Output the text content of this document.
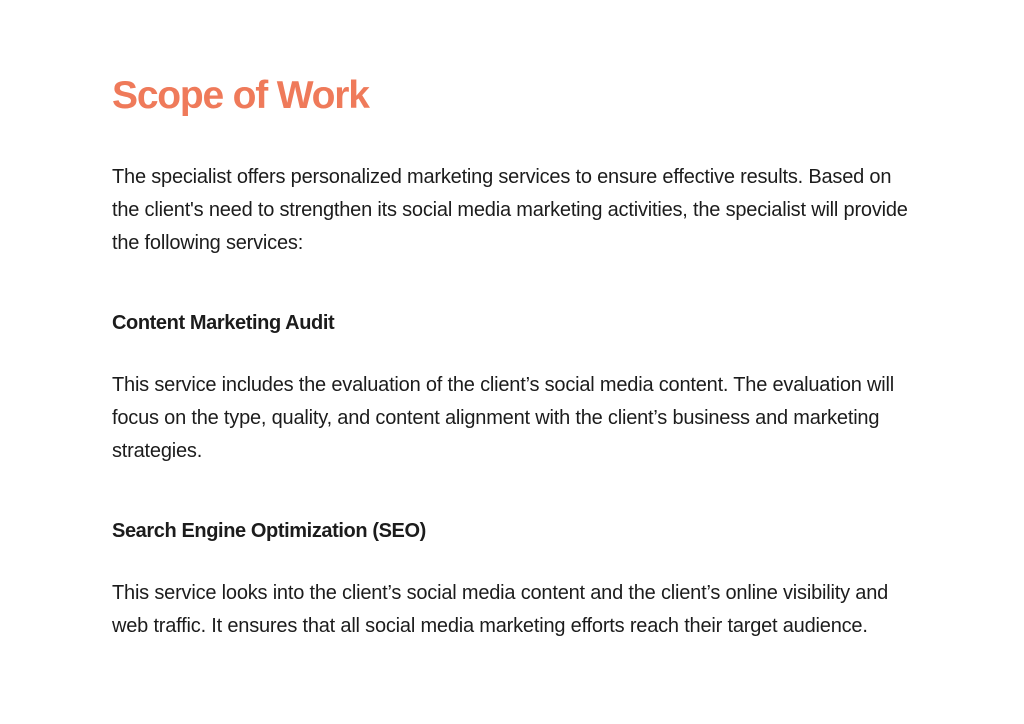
Scope of Work

The specialist offers personalized marketing services to ensure effective results. Based on the client's need to strengthen its social media marketing activities, the specialist will provide the following services:

Content Marketing Audit

This service includes the evaluation of the client’s social media content. The evaluation will focus on the type, quality, and content alignment with the client’s business and marketing strategies.

Search Engine Optimization (SEO)

This service looks into the client’s social media content and the client’s online visibility and web traffic. It ensures that all social media marketing efforts reach their target audience.
